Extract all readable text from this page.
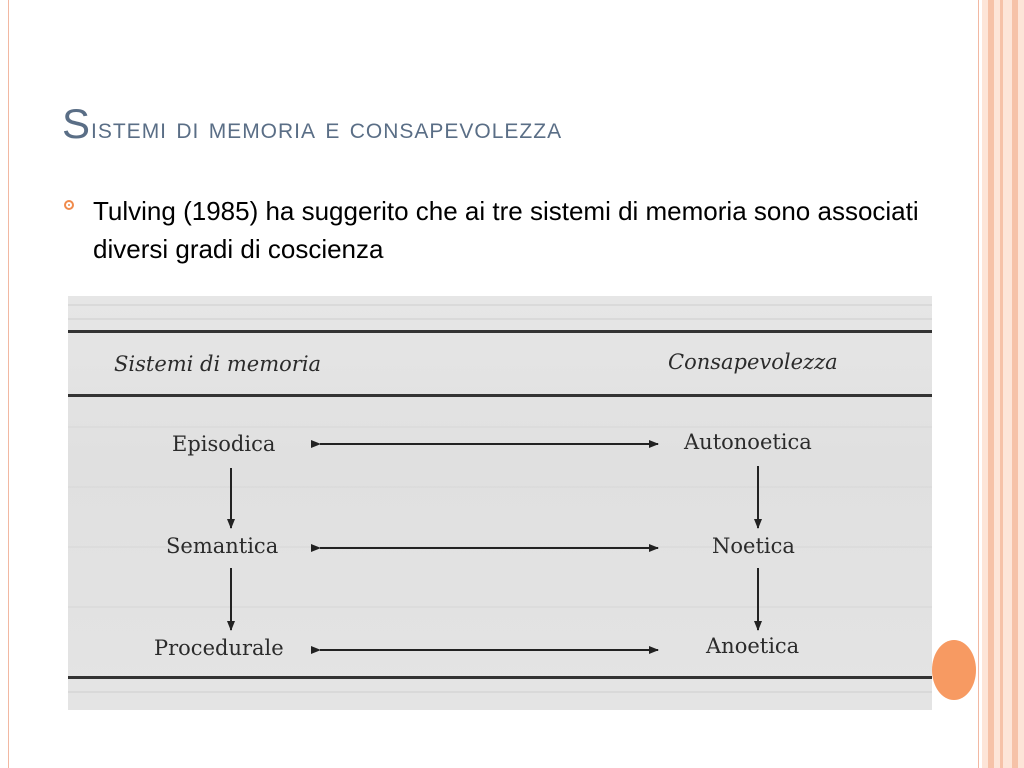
Sistemi di memoria e consapevolezza
Tulving (1985) ha suggerito che ai tre sistemi di memoria sono associati diversi gradi di coscienza
Sistemi di memoria	Consapevolezza
Episodica
Semantica
Procedurale
Autonoetica
Noetica
Anoetica
